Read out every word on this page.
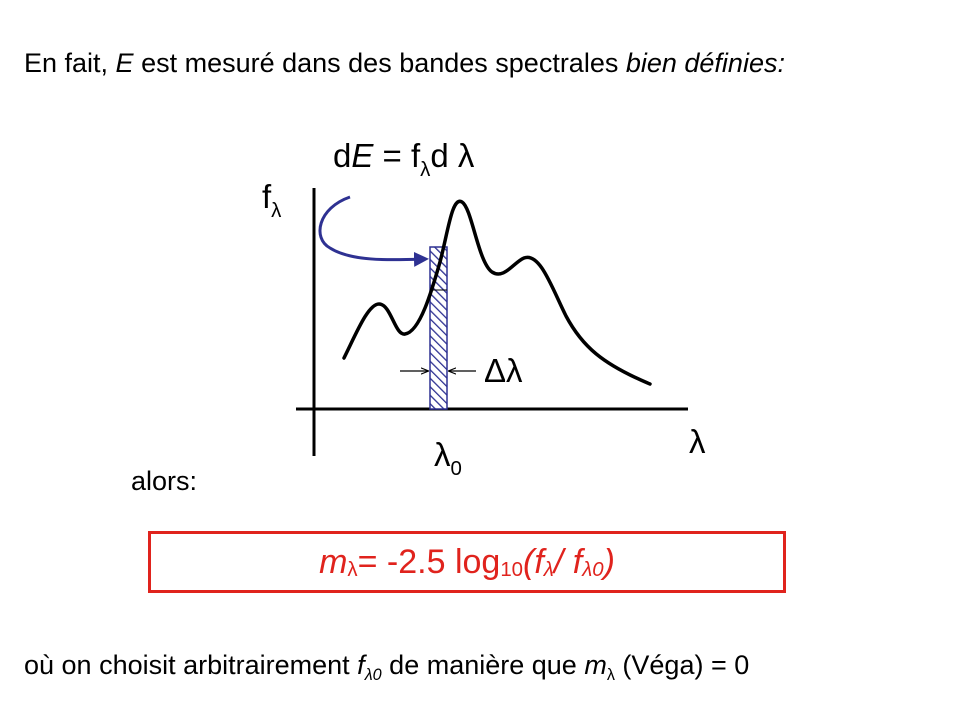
En fait, E est mesuré dans des bandes spectrales bien définies:
dE = $f_\lambda d$ λ
$f_\lambda$
λ
$\lambda_0$
Δλ
alors:
m λ = -2.5 log 10 (f λ / f λ0 )
où on choisit arbitrairement $f_{\lambda 0}$ de manière que $m_\lambda$ (Véga) = 0
